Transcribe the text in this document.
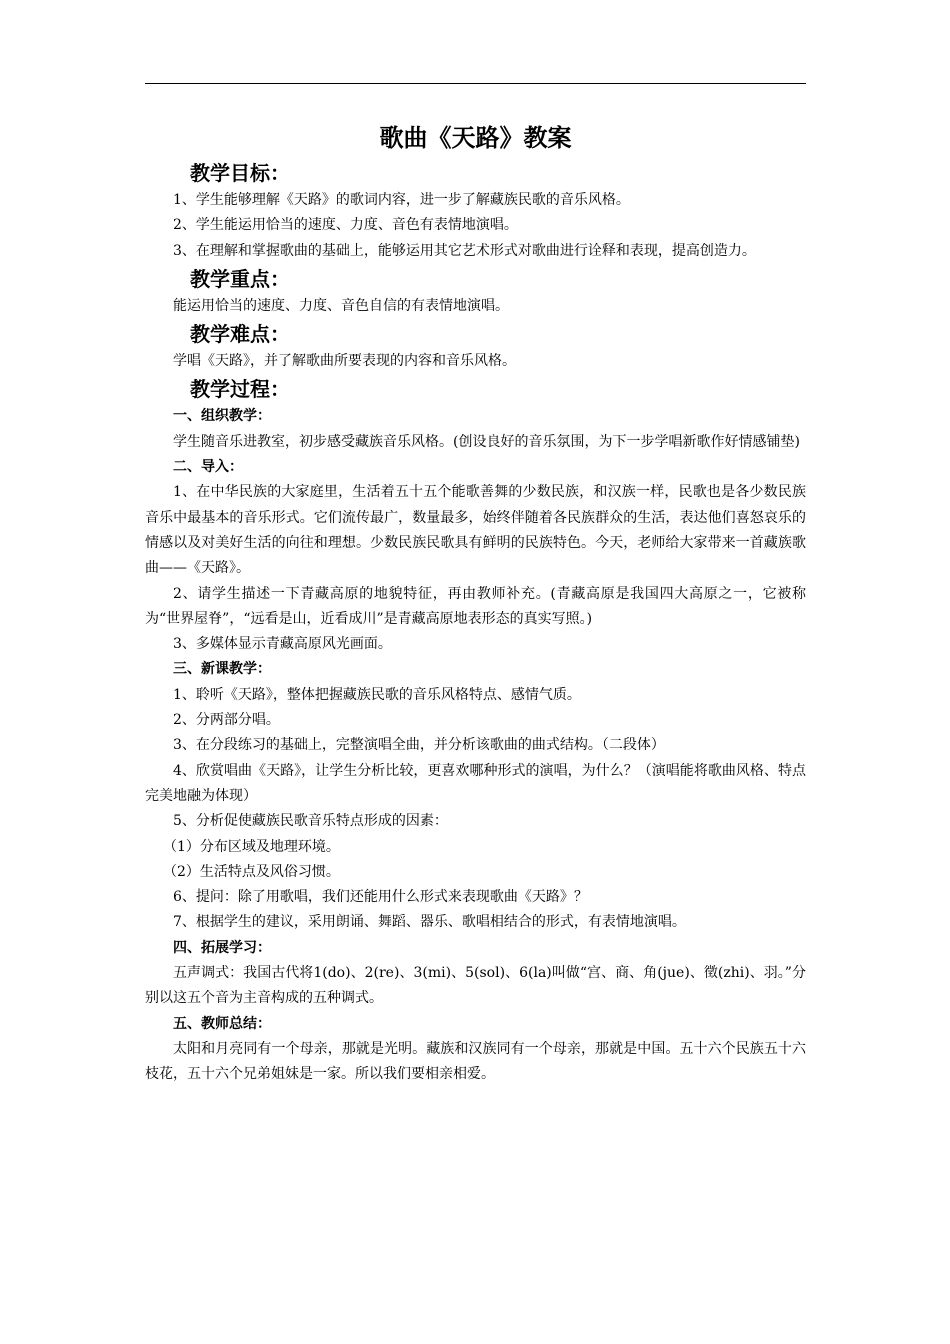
歌曲《天路》教案
教学目标：

1、学生能够理解《天路》的歌词内容，进一步了解藏族民歌的音乐风格。

2、学生能运用恰当的速度、力度、音色有表情地演唱。

3、在理解和掌握歌曲的基础上，能够运用其它艺术形式对歌曲进行诠释和表现，提高创造力。

教学重点：

能运用恰当的速度、力度、音色自信的有表情地演唱。

教学难点：

学唱《天路》，并了解歌曲所要表现的内容和音乐风格。

教学过程：

一、组织教学：

学生随音乐进教室，初步感受藏族音乐风格。(创设良好的音乐氛围，为下一步学唱新歌作好情感铺垫)

二、导入：

1、在中华民族的大家庭里，生活着五十五个能歌善舞的少数民族，和汉族一样，民歌也是各少数民族音乐中最基本的音乐形式。它们流传最广，数量最多，始终伴随着各民族群众的生活，表达他们喜怒哀乐的情感以及对美好生活的向往和理想。少数民族民歌具有鲜明的民族特色。今天，老师给大家带来一首藏族歌曲——《天路》。

2、请学生描述一下青藏高原的地貌特征，再由教师补充。(青藏高原是我国四大高原之一，它被称为“世界屋脊”，“远看是山，近看成川”是青藏高原地表形态的真实写照。)

3、多媒体显示青藏高原风光画面。

三、新课教学：

1、聆听《天路》，整体把握藏族民歌的音乐风格特点、感情气质。

2、分两部分唱。

3、在分段练习的基础上，完整演唱全曲，并分析该歌曲的曲式结构。（二段体）

4、欣赏唱曲《天路》，让学生分析比较，更喜欢哪种形式的演唱，为什么？（演唱能将歌曲风格、特点完美地融为体现）

5、分析促使藏族民歌音乐特点形成的因素：

（1）分布区域及地理环境。

（2）生活特点及风俗习惯。

6、提问：除了用歌唱，我们还能用什么形式来表现歌曲《天路》？

7、根据学生的建议，采用朗诵、舞蹈、器乐、歌唱相结合的形式，有表情地演唱。

四、拓展学习：

五声调式：我国古代将1(do)、2(re)、3(mi)、5(sol)、6(la)叫做“宫、商、角(jue)、徵(zhi)、羽。”分别以这五个音为主音构成的五种调式。

五、教师总结：

太阳和月亮同有一个母亲，那就是光明。藏族和汉族同有一个母亲，那就是中国。五十六个民族五十六枝花，五十六个兄弟姐妹是一家。所以我们要相亲相爱。
